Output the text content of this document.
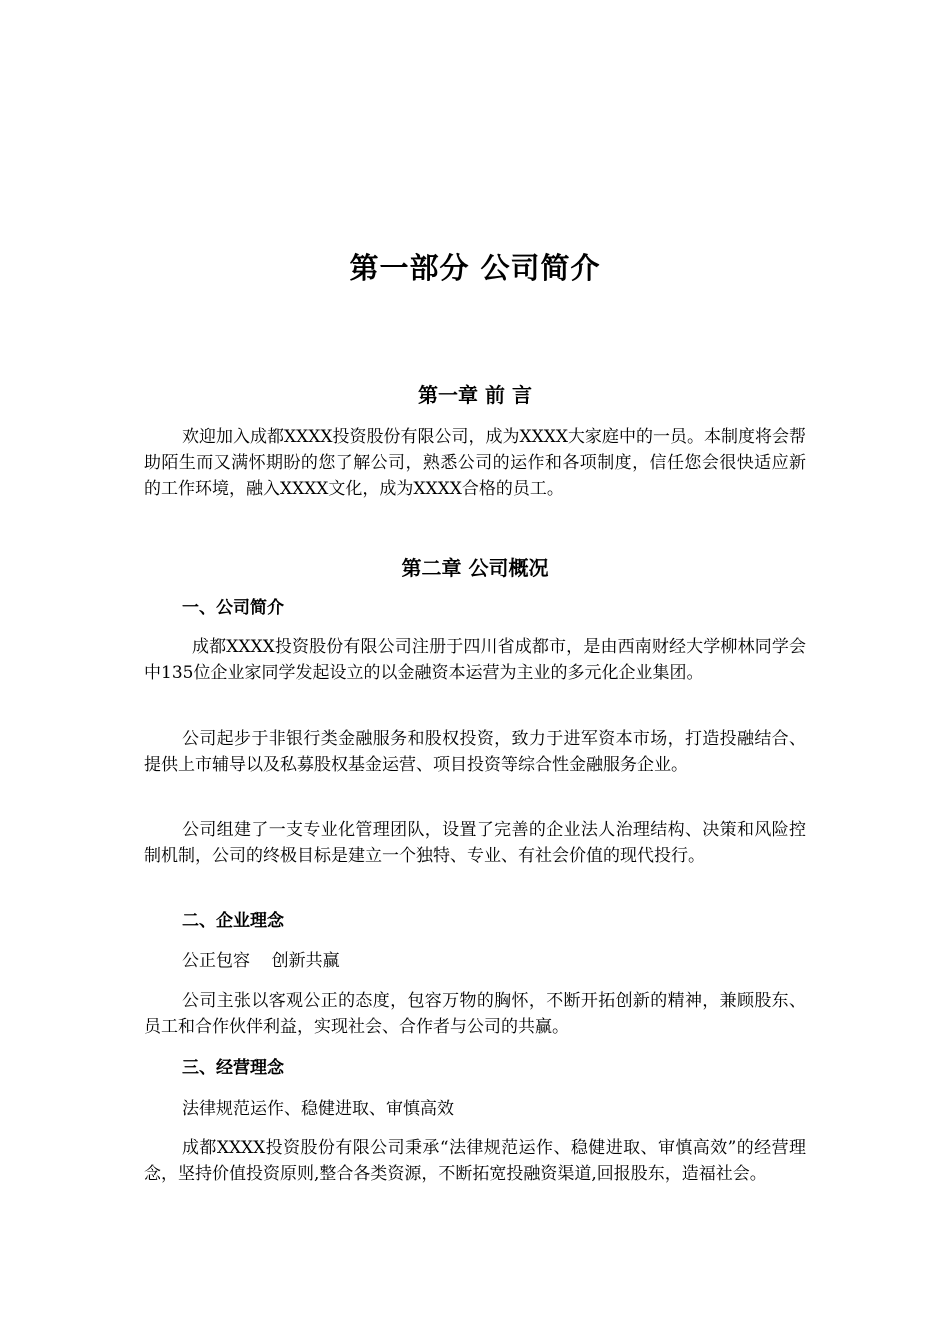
第一部分 公司简介
第一章 前 言

欢迎加入成都XXXX投资股份有限公司，成为XXXX大家庭中的一员。本制度将会帮助陌生而又满怀期盼的您了解公司，熟悉公司的运作和各项制度，信任您会很快适应新的工作环境，融入XXXX文化，成为XXXX合格的员工。

第二章 公司概况
一、公司简介

成都XXXX投资股份有限公司注册于四川省成都市，是由西南财经大学柳林同学会中135位企业家同学发起设立的以金融资本运营为主业的多元化企业集团。

公司起步于非银行类金融服务和股权投资，致力于进军资本市场，打造投融结合、提供上市辅导以及私募股权基金运营、项目投资等综合性金融服务企业。

公司组建了一支专业化管理团队，设置了完善的企业法人治理结构、决策和风险控制机制，公司的终极目标是建立一个独特、专业、有社会价值的现代投行。

二、企业理念
公正包容    创新共赢

公司主张以客观公正的态度，包容万物的胸怀，不断开拓创新的精神，兼顾股东、员工和合作伙伴利益，实现社会、合作者与公司的共赢。

三、经营理念
法律规范运作、稳健进取、审慎高效

成都XXXX投资股份有限公司秉承“法律规范运作、稳健进取、审慎高效”的经营理念，坚持价值投资原则,整合各类资源，不断拓宽投融资渠道,回报股东，造福社会。
